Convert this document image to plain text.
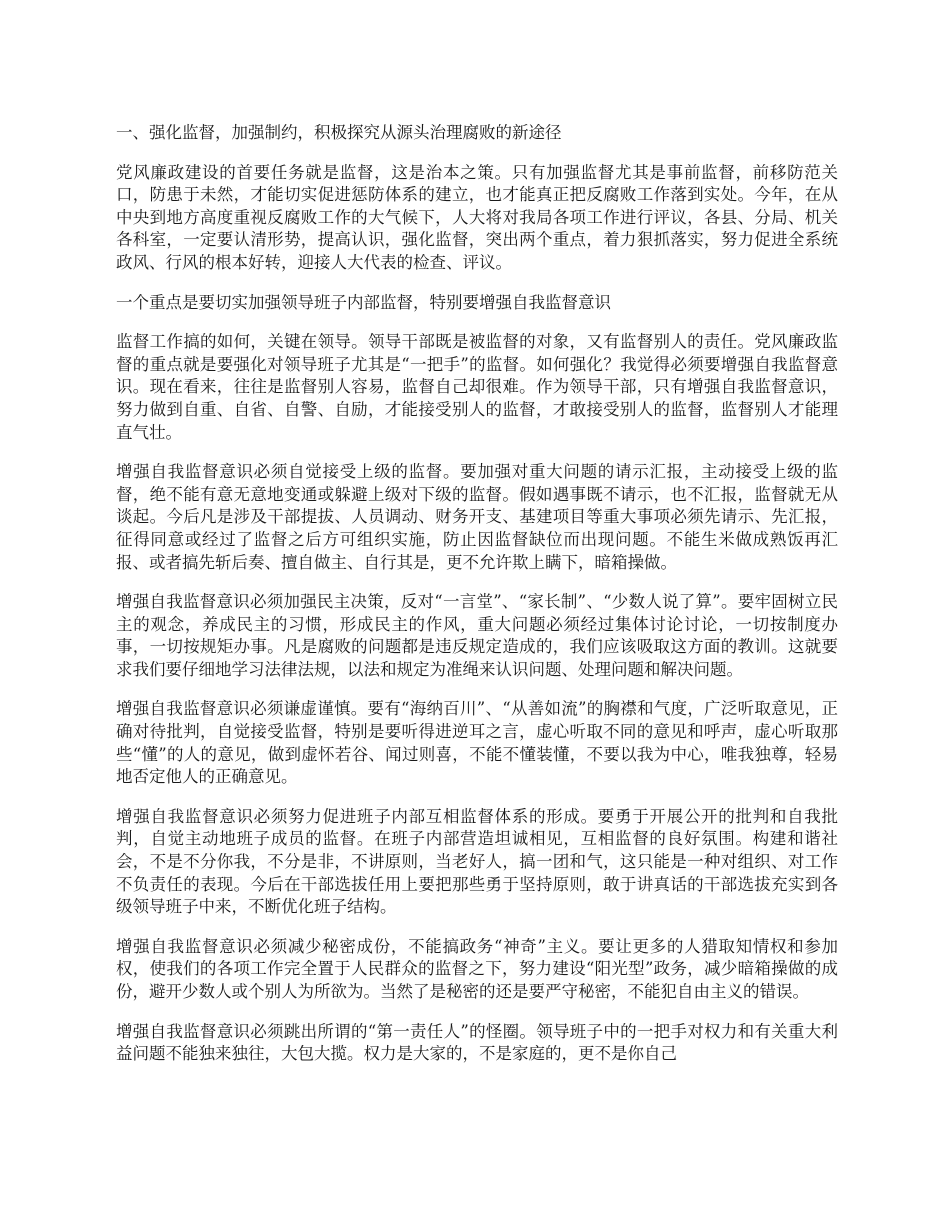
一、强化监督，加强制约，积极探究从源头治理腐败的新途径

党风廉政建设的首要任务就是监督，这是治本之策。只有加强监督尤其是事前监督，前移防范关口，防患于未然，才能切实促进惩防体系的建立，也才能真正把反腐败工作落到实处。今年，在从中央到地方高度重视反腐败工作的大气候下，人大将对我局各项工作进行评议，各县、分局、机关各科室，一定要认清形势，提高认识，强化监督，突出两个重点，着力狠抓落实，努力促进全系统政风、行风的根本好转，迎接人大代表的检查、评议。

一个重点是要切实加强领导班子内部监督，特别要增强自我监督意识

监督工作搞的如何，关键在领导。领导干部既是被监督的对象，又有监督别人的责任。党风廉政监督的重点就是要强化对领导班子尤其是“一把手”的监督。如何强化？我觉得必须要增强自我监督意识。现在看来，往往是监督别人容易，监督自己却很难。作为领导干部，只有增强自我监督意识，努力做到自重、自省、自警、自励，才能接受别人的监督，才敢接受别人的监督，监督别人才能理直气壮。

增强自我监督意识必须自觉接受上级的监督。要加强对重大问题的请示汇报，主动接受上级的监督，绝不能有意无意地变通或躲避上级对下级的监督。假如遇事既不请示，也不汇报，监督就无从谈起。今后凡是涉及干部提拔、人员调动、财务开支、基建项目等重大事项必须先请示、先汇报，征得同意或经过了监督之后方可组织实施，防止因监督缺位而出现问题。不能生米做成熟饭再汇报、或者搞先斩后奏、擅自做主、自行其是，更不允许欺上瞒下，暗箱操做。

增强自我监督意识必须加强民主决策，反对“一言堂”、“家长制”、“少数人说了算”。要牢固树立民主的观念，养成民主的习惯，形成民主的作风，重大问题必须经过集体讨论讨论，一切按制度办事，一切按规矩办事。凡是腐败的问题都是违反规定造成的，我们应该吸取这方面的教训。这就要求我们要仔细地学习法律法规，以法和规定为准绳来认识问题、处理问题和解决问题。

增强自我监督意识必须谦虚谨慎。要有“海纳百川”、“从善如流”的胸襟和气度，广泛听取意见，正确对待批判，自觉接受监督，特别是要听得进逆耳之言，虚心听取不同的意见和呼声，虚心听取那些“懂”的人的意见，做到虚怀若谷、闻过则喜，不能不懂装懂，不要以我为中心，唯我独尊，轻易地否定他人的正确意见。

增强自我监督意识必须努力促进班子内部互相监督体系的形成。要勇于开展公开的批判和自我批判，自觉主动地班子成员的监督。在班子内部营造坦诚相见，互相监督的良好氛围。构建和谐社会，不是不分你我，不分是非，不讲原则，当老好人，搞一团和气，这只能是一种对组织、对工作不负责任的表现。今后在干部选拔任用上要把那些勇于坚持原则，敢于讲真话的干部选拔充实到各级领导班子中来，不断优化班子结构。

增强自我监督意识必须减少秘密成份，不能搞政务“神奇”主义。要让更多的人猎取知情权和参加权，使我们的各项工作完全置于人民群众的监督之下，努力建设“阳光型”政务，减少暗箱操做的成份，避开少数人或个别人为所欲为。当然了是秘密的还是要严守秘密，不能犯自由主义的错误。

增强自我监督意识必须跳出所谓的“第一责任人”的怪圈。领导班子中的一把手对权力和有关重大利益问题不能独来独往，大包大揽。权力是大家的，不是家庭的，更不是你自己
